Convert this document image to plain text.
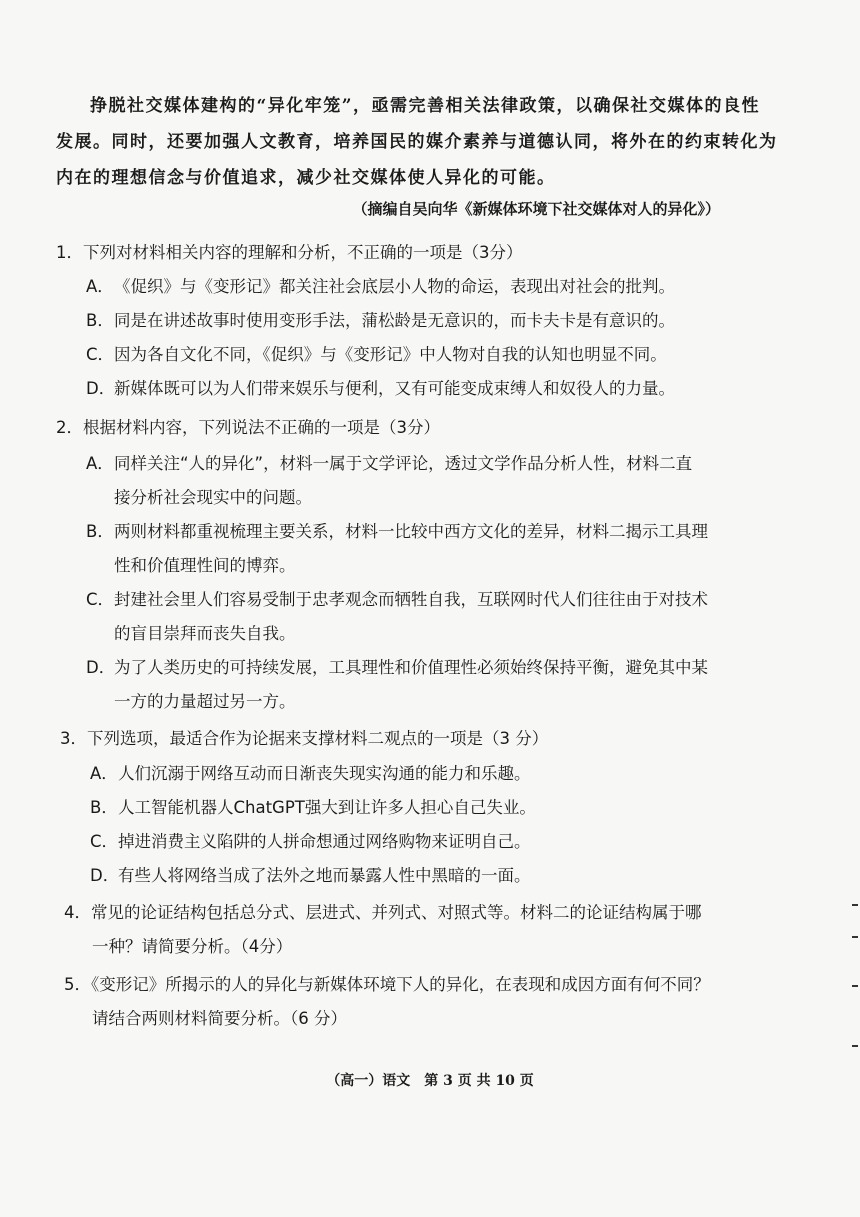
挣脱社交媒体建构的“异化牢笼”，亟需完善相关法律政策，以确保社交媒体的良性
发展。同时，还要加强人文教育，培养国民的媒介素养与道德认同，将外在的约束转化为
内在的理想信念与价值追求，减少社交媒体使人异化的可能。
（摘编自吴向华《新媒体环境下社交媒体对人的异化》）
1．下列对材料相关内容的理解和分析，不正确的一项是（3分）
A．《促织》与《变形记》都关注社会底层小人物的命运，表现出对社会的批判。
B．同是在讲述故事时使用变形手法，蒲松龄是无意识的，而卡夫卡是有意识的。
C．因为各自文化不同，《促织》与《变形记》中人物对自我的认知也明显不同。
D．新媒体既可以为人们带来娱乐与便利，又有可能变成束缚人和奴役人的力量。
2．根据材料内容，下列说法不正确的一项是（3分）
A．同样关注“人的异化”，材料一属于文学评论，透过文学作品分析人性，材料二直
接分析社会现实中的问题。
B．两则材料都重视梳理主要关系，材料一比较中西方文化的差异，材料二揭示工具理
性和价值理性间的博弈。
C．封建社会里人们容易受制于忠孝观念而牺牲自我，互联网时代人们往往由于对技术
的盲目崇拜而丧失自我。
D．为了人类历史的可持续发展，工具理性和价值理性必须始终保持平衡，避免其中某
一方的力量超过另一方。
3．下列选项，最适合作为论据来支撑材料二观点的一项是（3 分）
A．人们沉溺于网络互动而日渐丧失现实沟通的能力和乐趣。
B．人工智能机器人ChatGPT强大到让许多人担心自己失业。
C．掉进消费主义陷阱的人拼命想通过网络购物来证明自己。
D．有些人将网络当成了法外之地而暴露人性中黑暗的一面。
4．常见的论证结构包括总分式、层进式、并列式、对照式等。材料二的论证结构属于哪
一种？请简要分析。（4分）
5．《变形记》所揭示的人的异化与新媒体环境下人的异化，在表现和成因方面有何不同？
请结合两则材料简要分析。（6 分）
（高一）语文　第 3 页 共 10 页
